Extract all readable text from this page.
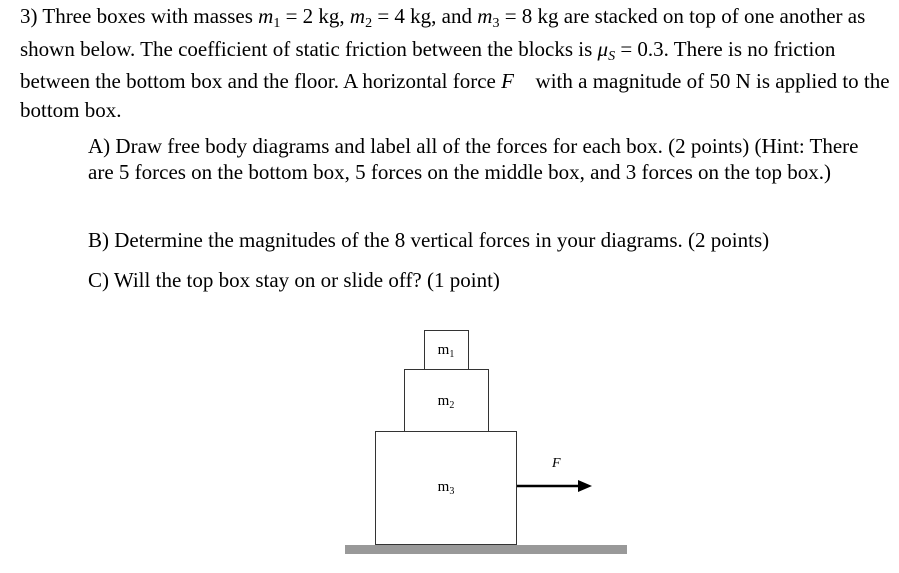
3) Three boxes with masses m1 = 2 kg, m2 = 4 kg, and m3 = 8 kg are stacked on top of one another as shown below. The coefficient of static friction between the blocks is μS = 0.3. There is no friction between the bottom box and the floor. A horizontal force F⃗ with a magnitude of 50 N is applied to the bottom box.

A) Draw free body diagrams and label all of the forces for each box. (2 points) (Hint: There are 5 forces on the bottom box, 5 forces on the middle box, and 3 forces on the top box.)

B) Determine the magnitudes of the 8 vertical forces in your diagrams. (2 points)

C) Will the top box stay on or slide off? (1 point)

$m_3$
$m_2$
$m_1$
F⃗
